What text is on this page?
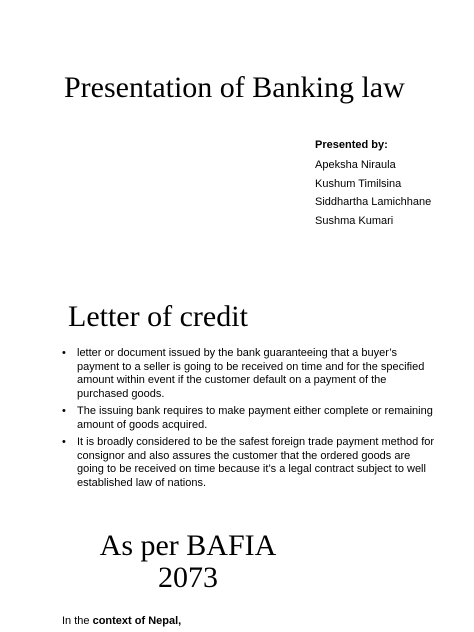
Presentation of Banking law
Presented by:
Apeksha Niraula
Kushum Timilsina
Siddhartha Lamichhane
Sushma Kumari
Letter of credit
• letter or document issued by the bank guaranteeing that a buyer’s payment to a seller is going to be received on time and for the specified amount within event if the customer default on a payment of the purchased goods.
• The issuing bank requires to make payment either complete or remaining amount of goods acquired.
• It is broadly considered to be the safest foreign trade payment method for consignor and also assures the customer that the ordered goods are going to be received on time because it’s a legal contract subject to well established law of nations.
As per BAFIA
2073
In the context of Nepal,
